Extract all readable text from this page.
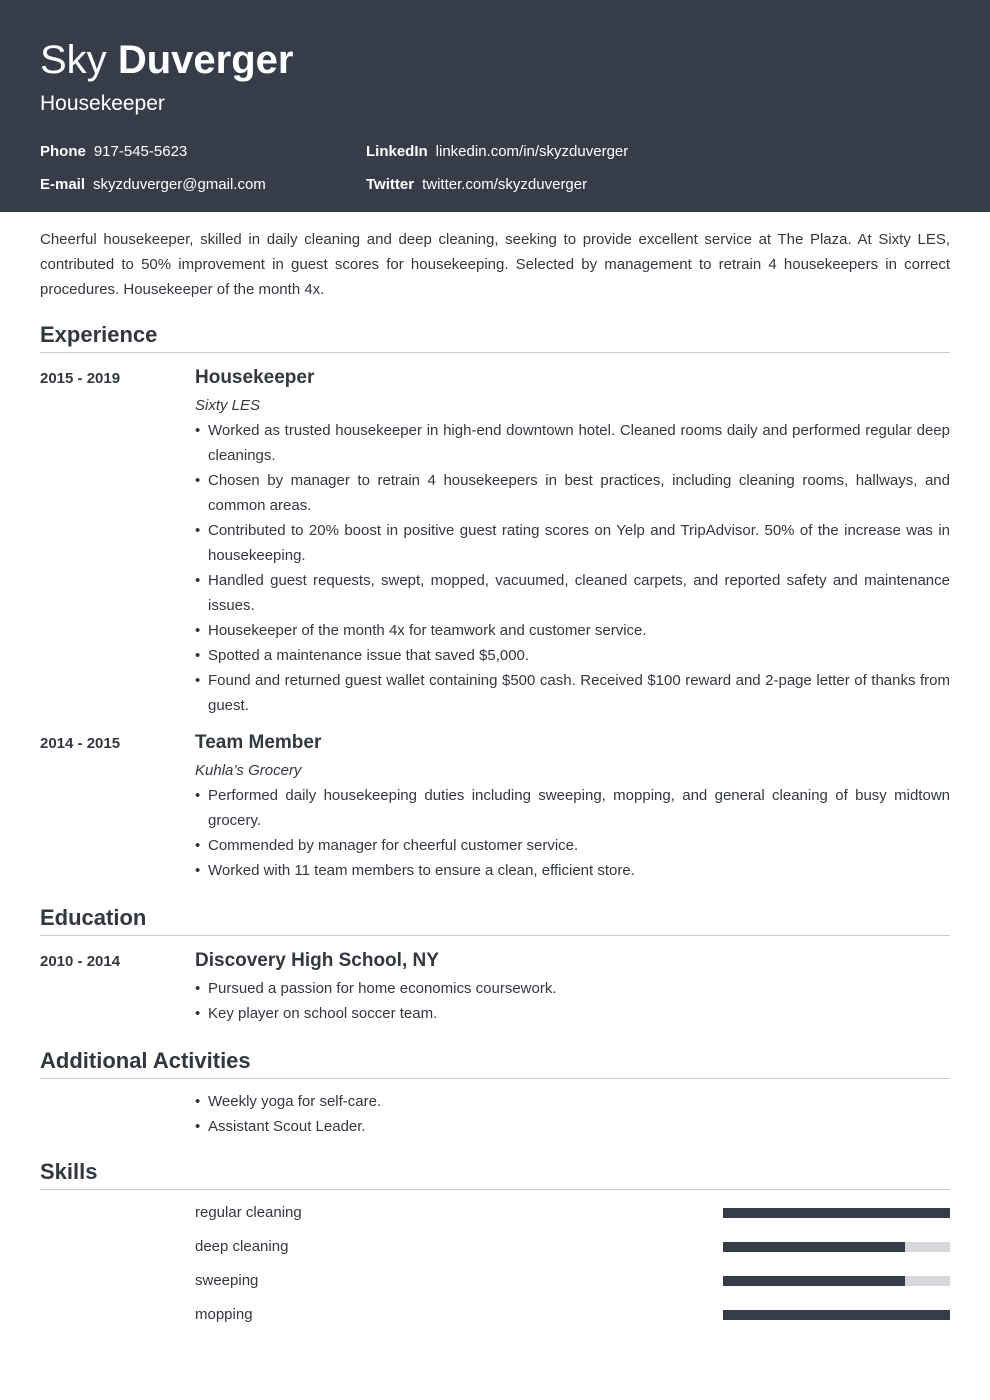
Sky Duverger
Housekeeper
Phone 917-545-5623
E-mail skyzduverger@gmail.com
LinkedIn linkedin.com/in/skyzduverger
Twitter twitter.com/skyzduverger
Cheerful housekeeper, skilled in daily cleaning and deep cleaning, seeking to provide excellent service at The Plaza. At Sixty LES, contributed to 50% improvement in guest scores for housekeeping. Selected by management to retrain 4 housekeepers in correct procedures. Housekeeper of the month 4x.
Experience
2015 - 2019	Housekeeper
Sixty LES
• Worked as trusted housekeeper in high-end downtown hotel. Cleaned rooms daily and performed regular deep cleanings.
• Chosen by manager to retrain 4 housekeepers in best practices, including cleaning rooms, hallways, and common areas.
• Contributed to 20% boost in positive guest rating scores on Yelp and TripAdvisor. 50% of the increase was in housekeeping.
• Handled guest requests, swept, mopped, vacuumed, cleaned carpets, and reported safety and maintenance issues.
• Housekeeper of the month 4x for teamwork and customer service.
• Spotted a maintenance issue that saved $5,000.
• Found and returned guest wallet containing $500 cash. Received $100 reward and 2-page letter of thanks from guest.
2014 - 2015	Team Member
Kuhla’s Grocery
• Performed daily housekeeping duties including sweeping, mopping, and general cleaning of busy midtown grocery.
• Commended by manager for cheerful customer service.
• Worked with 11 team members to ensure a clean, efficient store.
Education
2010 - 2014	Discovery High School, NY
• Pursued a passion for home economics coursework.
• Key player on school soccer team.
Additional Activities
• Weekly yoga for self-care.
• Assistant Scout Leader.
Skills
regular cleaning
deep cleaning
sweeping
mopping
